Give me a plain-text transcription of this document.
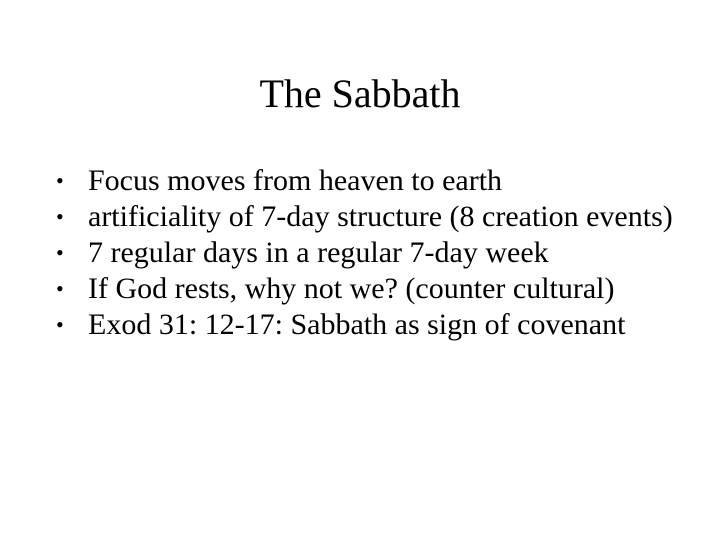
The Sabbath
• Focus moves from heaven to earth
• artificiality of 7-day structure (8 creation events)
• 7 regular days in a regular 7-day week
• If God rests, why not we? (counter cultural)
• Exod 31: 12-17: Sabbath as sign of covenant
